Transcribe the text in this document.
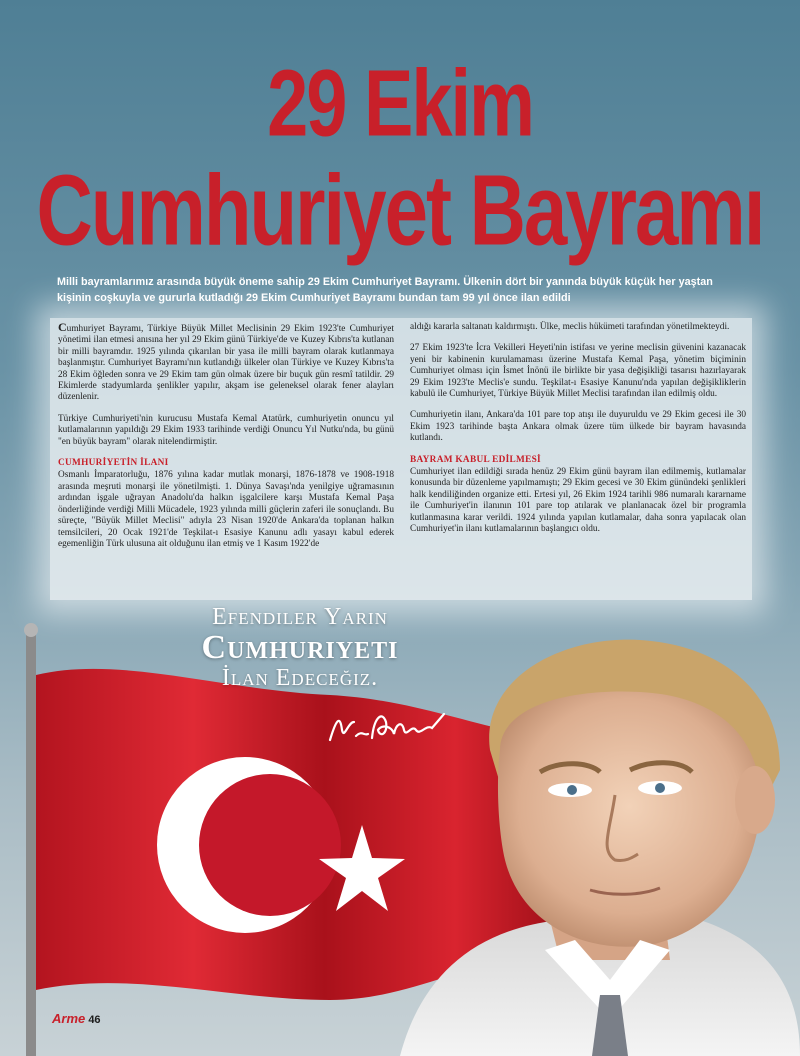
29 Ekim
Cumhuriyet Bayramı
Milli bayramlarımız arasında büyük öneme sahip 29 Ekim Cumhuriyet Bayramı. Ülkenin dört bir yanında büyük küçük her yaştan kişinin coşkuyla ve gururla kutladığı 29 Ekim Cumhuriyet Bayramı bundan tam 99 yıl önce ilan edildi

Cumhuriyet Bayramı, Türkiye Büyük Millet Meclisinin 29 Ekim 1923'te Cumhuriyet yönetimi ilan etmesi anısına her yıl 29 Ekim günü Türkiye'de ve Kuzey Kıbrıs'ta kutlanan bir milli bayramdır. 1925 yılında çıkarılan bir yasa ile milli bayram olarak kutlanmaya başlanmıştır. Cumhuriyet Bayramı'nın kutlandığı ülkeler olan Türkiye ve Kuzey Kıbrıs'ta 28 Ekim öğleden sonra ve 29 Ekim tam gün olmak üzere bir buçuk gün resmî tatildir. 29 Ekimlerde stadyumlarda şenlikler yapılır, akşam ise geleneksel olarak fener alayları düzenlenir.

Türkiye Cumhuriyeti'nin kurucusu Mustafa Kemal Atatürk, cumhuriyetin onuncu yıl kutlamalarının yapıldığı 29 Ekim 1933 tarihinde verdiği Onuncu Yıl Nutku'nda, bu günü "en büyük bayram" olarak nitelendirmiştir.

CUMHURİYETİN İLANI

Osmanlı İmparatorluğu, 1876 yılına kadar mutlak monarşi, 1876-1878 ve 1908-1918 arasında meşruti monarşi ile yönetilmişti. 1. Dünya Savaşı'nda yenilgiye uğramasının ardından işgale uğrayan Anadolu'da halkın işgalcilere karşı Mustafa Kemal Paşa önderliğinde verdiği Milli Mücadele, 1923 yılında milli güçlerin zaferi ile sonuçlandı. Bu süreçte, "Büyük Millet Meclisi" adıyla 23 Nisan 1920'de Ankara'da toplanan halkın temsilcileri, 20 Ocak 1921'de Teşkilat-ı Esasiye Kanunu adlı yasayı kabul ederek egemenliğin Türk ulusuna ait olduğunu ilan etmiş ve 1 Kasım 1922'de

aldığı kararla saltanatı kaldırmıştı. Ülke, meclis hükümeti tarafından yönetilmekteydi.

27 Ekim 1923'te İcra Vekilleri Heyeti'nin istifası ve yerine meclisin güvenini kazanacak yeni bir kabinenin kurulamaması üzerine Mustafa Kemal Paşa, yönetim biçiminin Cumhuriyet olması için İsmet İnönü ile birlikte bir yasa değişikliği tasarısı hazırlayarak 29 Ekim 1923'te Meclis'e sundu. Teşkilat-ı Esasiye Kanunu'nda yapılan değişikliklerin kabulü ile Cumhuriyet, Türkiye Büyük Millet Meclisi tarafından ilan edilmiş oldu.

Cumhuriyetin ilanı, Ankara'da 101 pare top atışı ile duyuruldu ve 29 Ekim gecesi ile 30 Ekim 1923 tarihinde başta Ankara olmak üzere tüm ülkede bir bayram havasında kutlandı.

BAYRAM KABUL EDİLMESİ

Cumhuriyet ilan edildiği sırada henüz 29 Ekim günü bayram ilan edilmemiş, kutlamalar konusunda bir düzenleme yapılmamıştı; 29 Ekim gecesi ve 30 Ekim günündeki şenlikleri halk kendiliğinden organize etti. Ertesi yıl, 26 Ekim 1924 tarihli 986 numaralı kararname ile Cumhuriyet'in ilanının 101 pare top atılarak ve planlanacak özel bir programla kutlanmasına karar verildi. 1924 yılında yapılan kutlamalar, daha sonra yapılacak olan Cumhuriyet'in ilanı kutlamalarının başlangıcı oldu.

Efendiler Yarın
Cumhuriyeti
İlan Edeceğiz.
Arme 46
